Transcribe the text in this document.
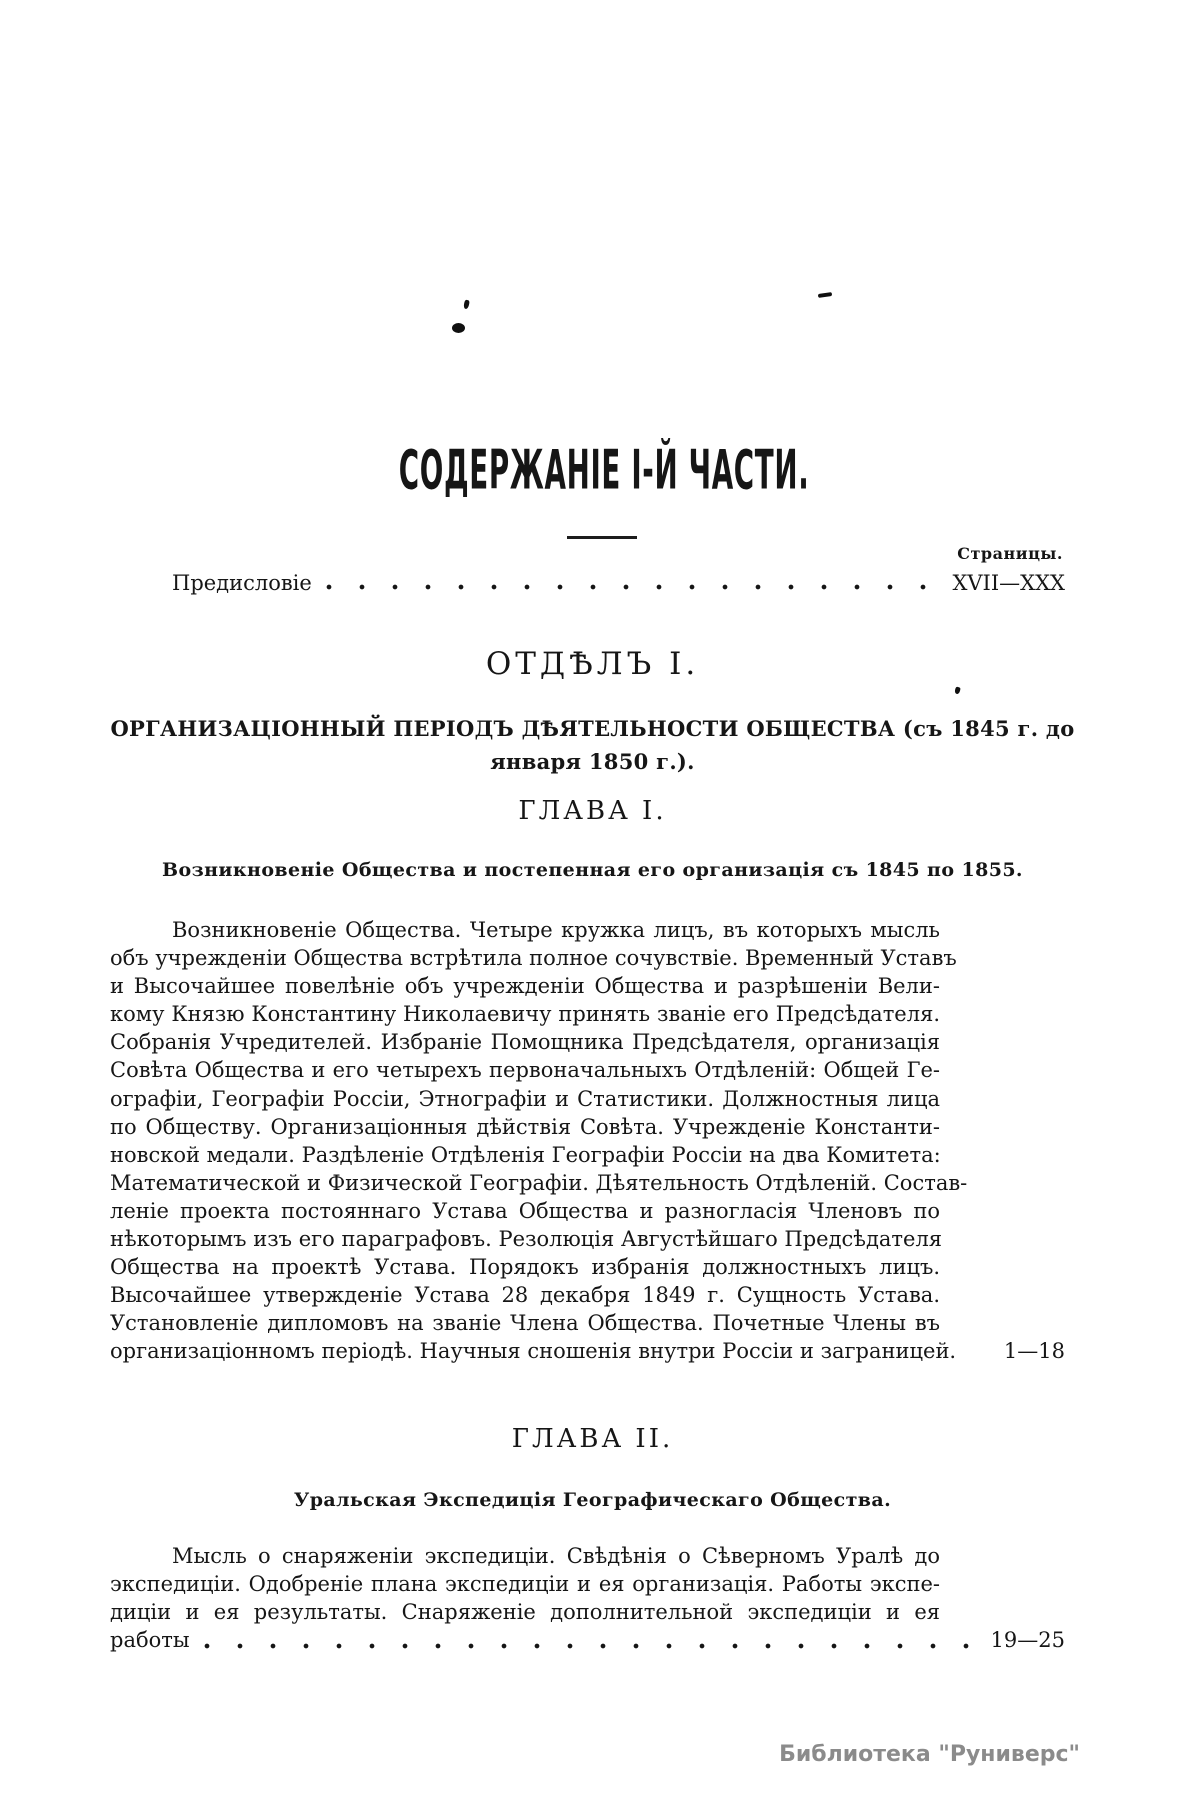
СОДЕРЖАНІЕ І-Й ЧАСТИ.
Страницы.
Предисловіе	XVII—XXX
ОТДѢЛЪ I.
ОРГАНИЗАЦІОННЫЙ ПЕРІОДЪ ДѢЯТЕЛЬНОСТИ ОБЩЕСТВА (съ 1845 г. до
января 1850 г.).
ГЛАВА I.
Возникновеніе Общества и постепенная его организація съ 1845 по 1855.
Возникновеніе Общества. Четыре кружка лицъ, въ которыхъ мысль
объ учрежденіи Общества встрѣтила полное сочувствіе. Временный Уставъ
и Высочайшее повелѣніе объ учрежденіи Общества и разрѣшеніи Вели-
кому Князю Константину Николаевичу принять званіе его Предсѣдателя.
Собранія Учредителей. Избраніе Помощника Предсѣдателя, организація
Совѣта Общества и его четырехъ первоначальныхъ Отдѣленій: Общей Ге-
ографіи, Географіи Россіи, Этнографіи и Статистики. Должностныя лица
по Обществу. Организаціонныя дѣйствія Совѣта. Учрежденіе Константи-
новской медали. Раздѣленіе Отдѣленія Географіи Россіи на два Комитета:
Математической и Физической Географіи. Дѣятельность Отдѣленій. Состав-
леніе проекта постояннаго Устава Общества и разногласія Членовъ по
нѣкоторымъ изъ его параграфовъ. Резолюція Августѣйшаго Предсѣдателя
Общества на проектѣ Устава. Порядокъ избранія должностныхъ лицъ.
Высочайшее утвержденіе Устава 28 декабря 1849 г. Сущность Устава.
Установленіе дипломовъ на званіе Члена Общества. Почетные Члены въ
организаціонномъ періодѣ. Научныя сношенія внутри Россіи и заграницей.	1—18
ГЛАВА II.
Уральская Экспедиція Географическаго Общества.
Мысль о снаряженіи экспедиціи. Свѣдѣнія о Сѣверномъ Уралѣ до
экспедиціи. Одобреніе плана экспедиціи и ея организація. Работы экспе-
диціи и ея результаты. Снаряженіе дополнительной экспедиціи и ея
работы	19—25
Библиотека "Руниверс"
